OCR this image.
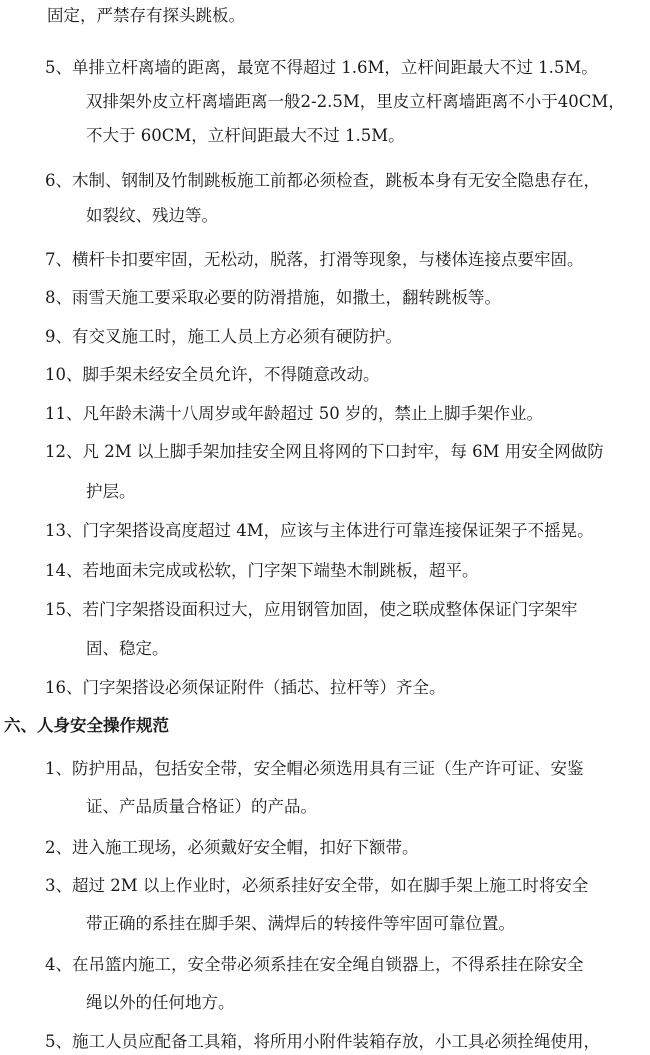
固定，严禁存有探头跳板。
5、单排立杆离墙的距离，最宽不得超过 1.6M，立杆间距最大不过 1.5M。
双排架外皮立杆离墙距离一般2-2.5M，里皮立杆离墙距离不小于40CM，
不大于 60CM，立杆间距最大不过 1.5M。
6、木制、钢制及竹制跳板施工前都必须检查，跳板本身有无安全隐患存在，
如裂纹、残边等。
7、横杆卡扣要牢固，无松动，脱落，打滑等现象，与楼体连接点要牢固。
8、雨雪天施工要采取必要的防滑措施，如撒土，翻转跳板等。
9、有交叉施工时，施工人员上方必须有硬防护。
10、脚手架未经安全员允许，不得随意改动。
11、凡年龄未满十八周岁或年龄超过 50 岁的，禁止上脚手架作业。
12、凡 2M 以上脚手架加挂安全网且将网的下口封牢，每 6M 用安全网做防
护层。
13、门字架搭设高度超过 4M，应该与主体进行可靠连接保证架子不摇晃。
14、若地面未完成或松软，门字架下端垫木制跳板，超平。
15、若门字架搭设面积过大，应用钢管加固，使之联成整体保证门字架牢
固、稳定。
16、门字架搭设必须保证附件（插芯、拉杆等）齐全。
六、人身安全操作规范
1、防护用品，包括安全带，安全帽必须选用具有三证（生产许可证、安鉴
证、产品质量合格证）的产品。
2、进入施工现场，必须戴好安全帽，扣好下额带。
3、超过 2M 以上作业时，必须系挂好安全带，如在脚手架上施工时将安全
带正确的系挂在脚手架、满焊后的转接件等牢固可靠位置。
4、在吊篮内施工，安全带必须系挂在安全绳自锁器上，不得系挂在除安全
绳以外的任何地方。
5、施工人员应配备工具箱，将所用小附件装箱存放，小工具必须拴绳使用，
